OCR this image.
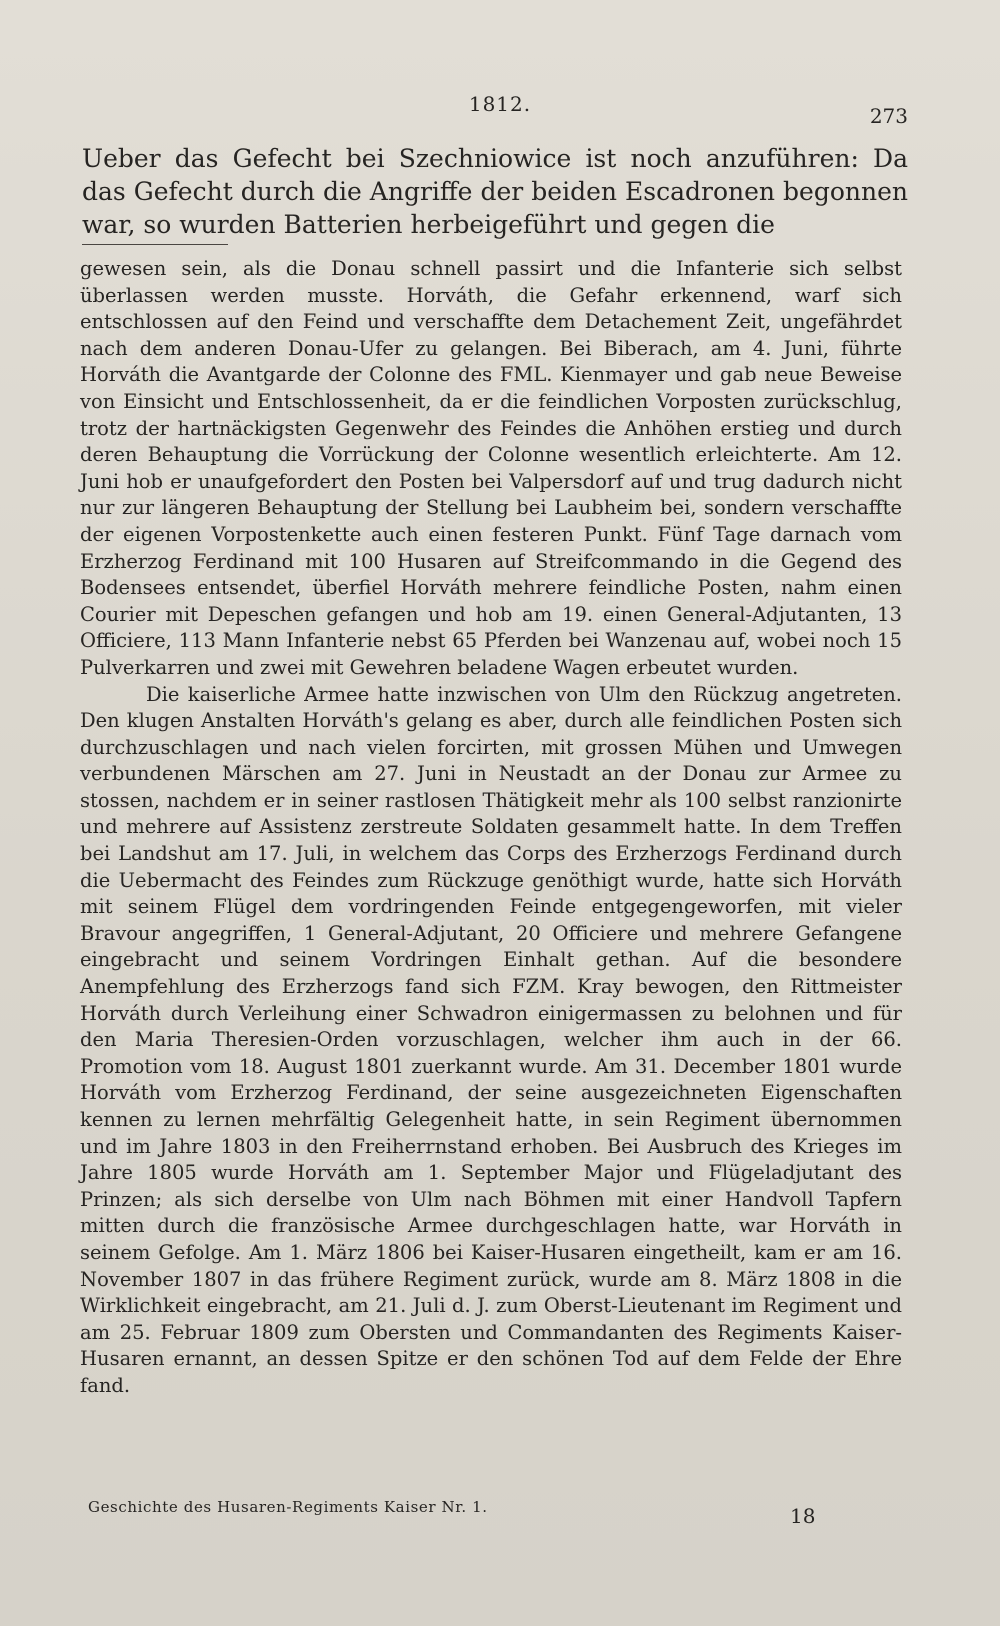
1812.	273

Ueber das Gefecht bei Szechniowice ist noch anzuführen: Da das Gefecht durch die Angriffe der beiden Escadronen begonnen war, so wurden Batterien herbeigeführt und gegen die

gewesen sein, als die Donau schnell passirt und die Infanterie sich selbst überlassen werden musste. Horváth, die Gefahr erkennend, warf sich entschlossen auf den Feind und verschaffte dem Detachement Zeit, ungefährdet nach dem anderen Donau-Ufer zu gelangen. Bei Biberach, am 4. Juni, führte Horváth die Avantgarde der Colonne des FML. Kienmayer und gab neue Beweise von Einsicht und Entschlossenheit, da er die feindlichen Vorposten zurückschlug, trotz der hartnäckigsten Gegenwehr des Feindes die Anhöhen erstieg und durch deren Behauptung die Vorrückung der Colonne wesentlich erleichterte. Am 12. Juni hob er unaufgefordert den Posten bei Valpersdorf auf und trug dadurch nicht nur zur längeren Behauptung der Stellung bei Laubheim bei, sondern verschaffte der eigenen Vorpostenkette auch einen festeren Punkt. Fünf Tage darnach vom Erzherzog Ferdinand mit 100 Husaren auf Streifcommando in die Gegend des Bodensees entsendet, überfiel Horváth mehrere feindliche Posten, nahm einen Courier mit Depeschen gefangen und hob am 19. einen General-Adjutanten, 13 Officiere, 113 Mann Infanterie nebst 65 Pferden bei Wanzenau auf, wobei noch 15 Pulverkarren und zwei mit Gewehren beladene Wagen erbeutet wurden.

Die kaiserliche Armee hatte inzwischen von Ulm den Rückzug angetreten. Den klugen Anstalten Horváth's gelang es aber, durch alle feindlichen Posten sich durchzuschlagen und nach vielen forcirten, mit grossen Mühen und Umwegen verbundenen Märschen am 27. Juni in Neustadt an der Donau zur Armee zu stossen, nachdem er in seiner rastlosen Thätigkeit mehr als 100 selbst ranzionirte und mehrere auf Assistenz zerstreute Soldaten gesammelt hatte. In dem Treffen bei Landshut am 17. Juli, in welchem das Corps des Erzherzogs Ferdinand durch die Uebermacht des Feindes zum Rückzuge genöthigt wurde, hatte sich Horváth mit seinem Flügel dem vordringenden Feinde entgegengeworfen, mit vieler Bravour angegriffen, 1 General-Adjutant, 20 Officiere und mehrere Gefangene eingebracht und seinem Vordringen Einhalt gethan. Auf die besondere Anempfehlung des Erzherzogs fand sich FZM. Kray bewogen, den Rittmeister Horváth durch Verleihung einer Schwadron einigermassen zu belohnen und für den Maria Theresien-Orden vorzuschlagen, welcher ihm auch in der 66. Promotion vom 18. August 1801 zuerkannt wurde. Am 31. December 1801 wurde Horváth vom Erzherzog Ferdinand, der seine ausgezeichneten Eigenschaften kennen zu lernen mehrfältig Gelegenheit hatte, in sein Regiment übernommen und im Jahre 1803 in den Freiherrnstand erhoben. Bei Ausbruch des Krieges im Jahre 1805 wurde Horváth am 1. September Major und Flügeladjutant des Prinzen; als sich derselbe von Ulm nach Böhmen mit einer Handvoll Tapfern mitten durch die französische Armee durchgeschlagen hatte, war Horváth in seinem Gefolge. Am 1. März 1806 bei Kaiser-Husaren eingetheilt, kam er am 16. November 1807 in das frühere Regiment zurück, wurde am 8. März 1808 in die Wirklichkeit eingebracht, am 21. Juli d. J. zum Oberst-Lieutenant im Regiment und am 25. Februar 1809 zum Obersten und Commandanten des Regiments Kaiser-Husaren ernannt, an dessen Spitze er den schönen Tod auf dem Felde der Ehre fand.

Geschichte des Husaren-Regiments Kaiser Nr. 1.	18
